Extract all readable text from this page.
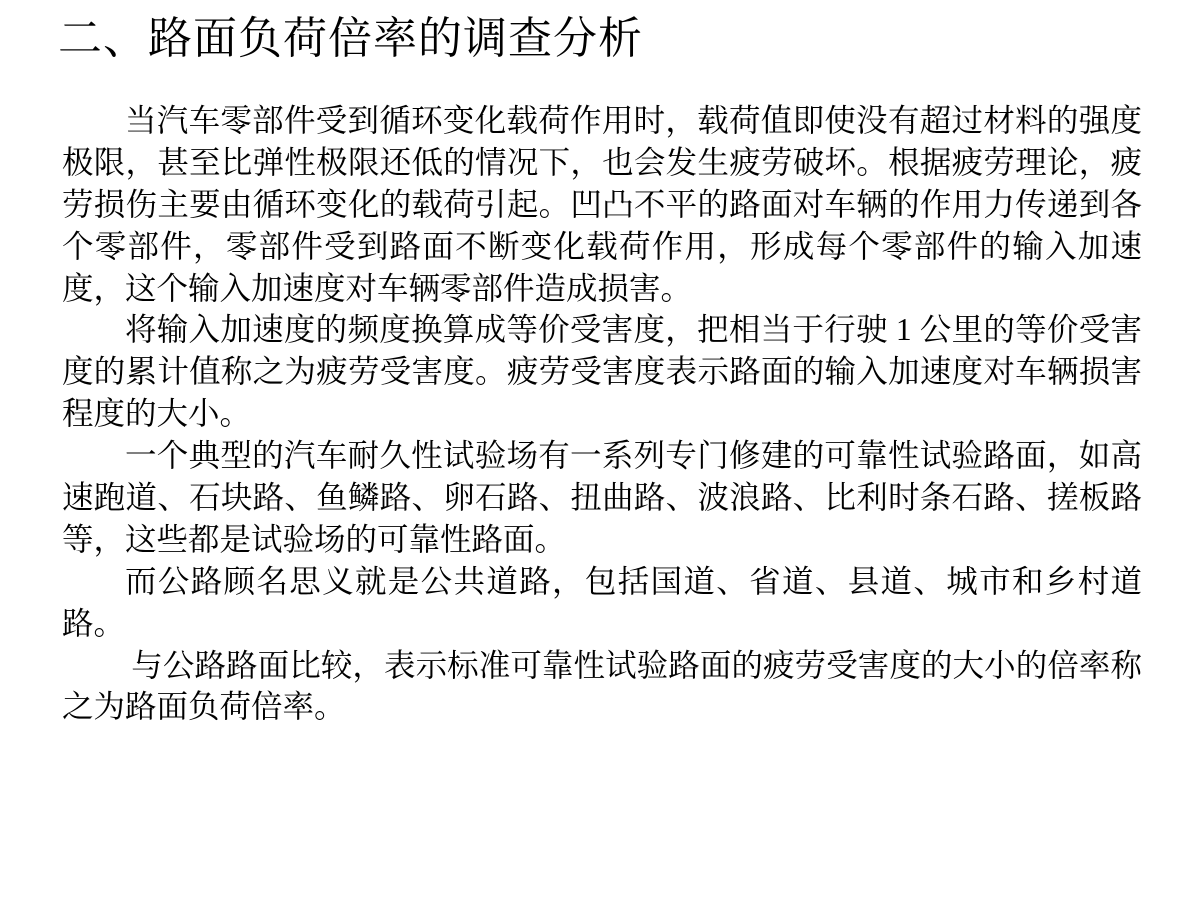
二、路面负荷倍率的调查分析

当汽车零部件受到循环变化载荷作用时，载荷值即使没有超过材料的强度极限，甚至比弹性极限还低的情况下，也会发生疲劳破坏。根据疲劳理论，疲劳损伤主要由循环变化的载荷引起。凹凸不平的路面对车辆的作用力传递到各个零部件，零部件受到路面不断变化载荷作用，形成每个零部件的输入加速度，这个输入加速度对车辆零部件造成损害。

将输入加速度的频度换算成等价受害度，把相当于行驶 1 公里的等价受害度的累计值称之为疲劳受害度。疲劳受害度表示路面的输入加速度对车辆损害程度的大小。

一个典型的汽车耐久性试验场有一系列专门修建的可靠性试验路面，如高速跑道、石块路、鱼鳞路、卵石路、扭曲路、波浪路、比利时条石路、搓板路等，这些都是试验场的可靠性路面。

而公路顾名思义就是公共道路，包括国道、省道、县道、城市和乡村道路。

与公路路面比较，表示标准可靠性试验路面的疲劳受害度的大小的倍率称之为路面负荷倍率。
